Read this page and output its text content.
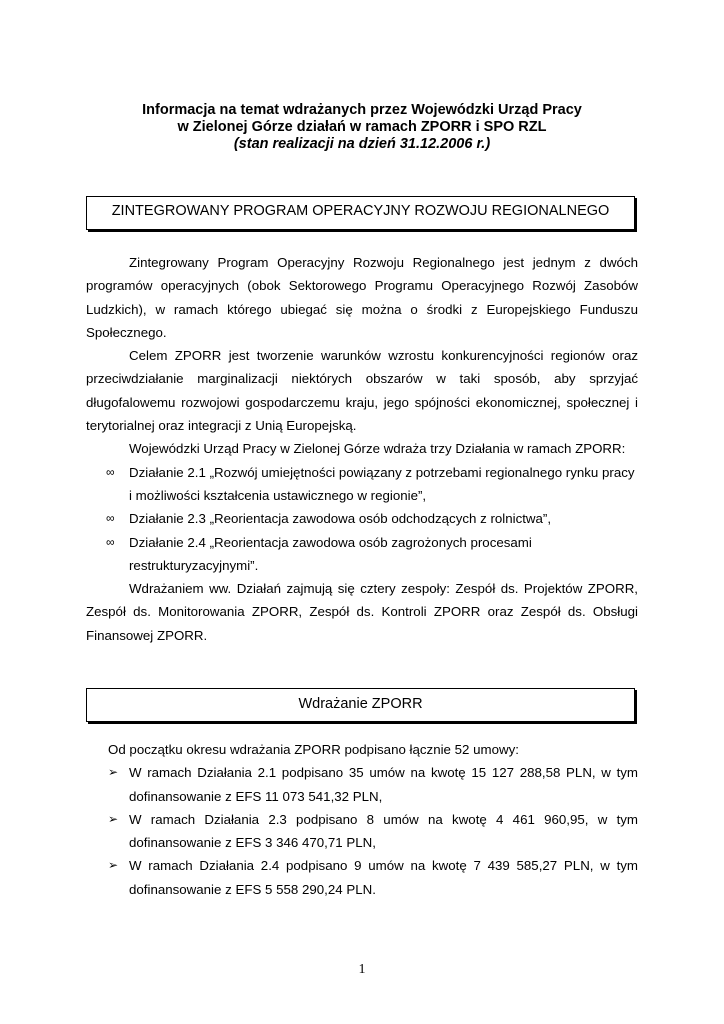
Informacja na temat wdrażanych przez Wojewódzki Urząd Pracy
w Zielonej Górze działań w ramach ZPORR i SPO RZL
(stan realizacji na dzień 31.12.2006 r.)
ZINTEGROWANY PROGRAM OPERACYJNY ROZWOJU REGIONALNEGO

Zintegrowany Program Operacyjny Rozwoju Regionalnego jest jednym z dwóch programów operacyjnych (obok Sektorowego Programu Operacyjnego Rozwój Zasobów Ludzkich), w ramach którego ubiegać się można o środki z Europejskiego Funduszu Społecznego.

Celem ZPORR jest tworzenie warunków wzrostu konkurencyjności regionów oraz przeciwdziałanie marginalizacji niektórych obszarów w taki sposób, aby sprzyjać długofalowemu rozwojowi gospodarczemu kraju, jego spójności ekonomicznej, społecznej i terytorialnej oraz integracji z Unią Europejską.

Wojewódzki Urząd Pracy w Zielonej Górze wdraża trzy Działania w ramach ZPORR:

∞ Działanie 2.1 „Rozwój umiejętności powiązany z potrzebami regionalnego rynku pracy i możliwości kształcenia ustawicznego w regionie”,
∞ Działanie 2.3 „Reorientacja zawodowa osób odchodzących z rolnictwa”,
∞ Działanie 2.4 „Reorientacja zawodowa osób zagrożonych procesami restrukturyzacyjnymi”.

Wdrażaniem ww. Działań zajmują się cztery zespoły: Zespół ds. Projektów ZPORR, Zespół ds. Monitorowania ZPORR, Zespół ds. Kontroli ZPORR oraz Zespół ds. Obsługi Finansowej ZPORR.

Wdrażanie ZPORR

Od początku okresu wdrażania ZPORR podpisano łącznie 52 umowy:

➢ W ramach Działania 2.1 podpisano 35 umów na kwotę 15 127 288,58 PLN, w tym dofinansowanie z EFS 11 073 541,32 PLN,
➢ W ramach Działania 2.3 podpisano 8 umów na kwotę 4 461 960,95, w tym dofinansowanie z EFS 3 346 470,71 PLN,
➢ W ramach Działania 2.4 podpisano 9 umów na kwotę 7 439 585,27 PLN, w tym dofinansowanie z EFS 5 558 290,24 PLN.
1
